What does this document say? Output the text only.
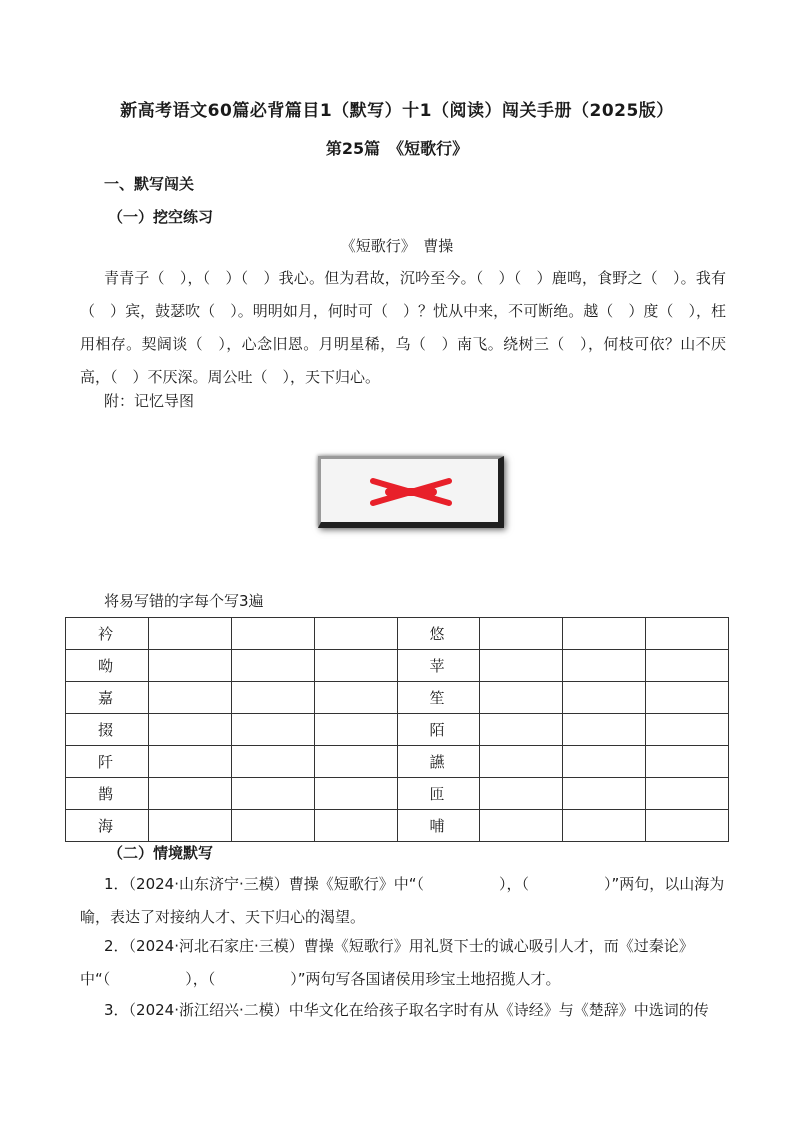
新高考语文60篇必背篇目1（默写）十1（阅读）闯关手册（2025版）
第25篇　《短歌行》
一、默写闯关
（一）挖空练习
《短歌行》　曹操

青青子（　），（　）（　）我心。但为君故，沉吟至今。（　）（　）鹿鸣，食野之（　）。我有（　）宾，鼓瑟吹（　）。明明如月，何时可（　）？忧从中来，不可断绝。越（　）度（　），枉用相存。契阔谈（　），心念旧恩。月明星稀，乌（　）南飞。绕树三（　），何枝可依？山不厌高，（　）不厌深。周公吐（　），天下归心。

附：记忆导图
将易写错的字每个写3遍
衿				悠			
呦				苹			
嘉				笙			
掇				陌			
阡				讌			
鹊				匝			
海				哺			
（二）情境默写

1．（2024·山东济宁·三模）曹操《短歌行》中“（　　　　　），（　　　　　）”两句，以山海为喻，表达了对接纳人才、天下归心的渴望。

2．（2024·河北石家庄·三模）曹操《短歌行》用礼贤下士的诚心吸引人才，而《过秦论》中“（　　　　　），（　　　　　）”两句写各国诸侯用珍宝土地招揽人才。

3．（2024·浙江绍兴·二模）中华文化在给孩子取名字时有从《诗经》与《楚辞》中选词的传
